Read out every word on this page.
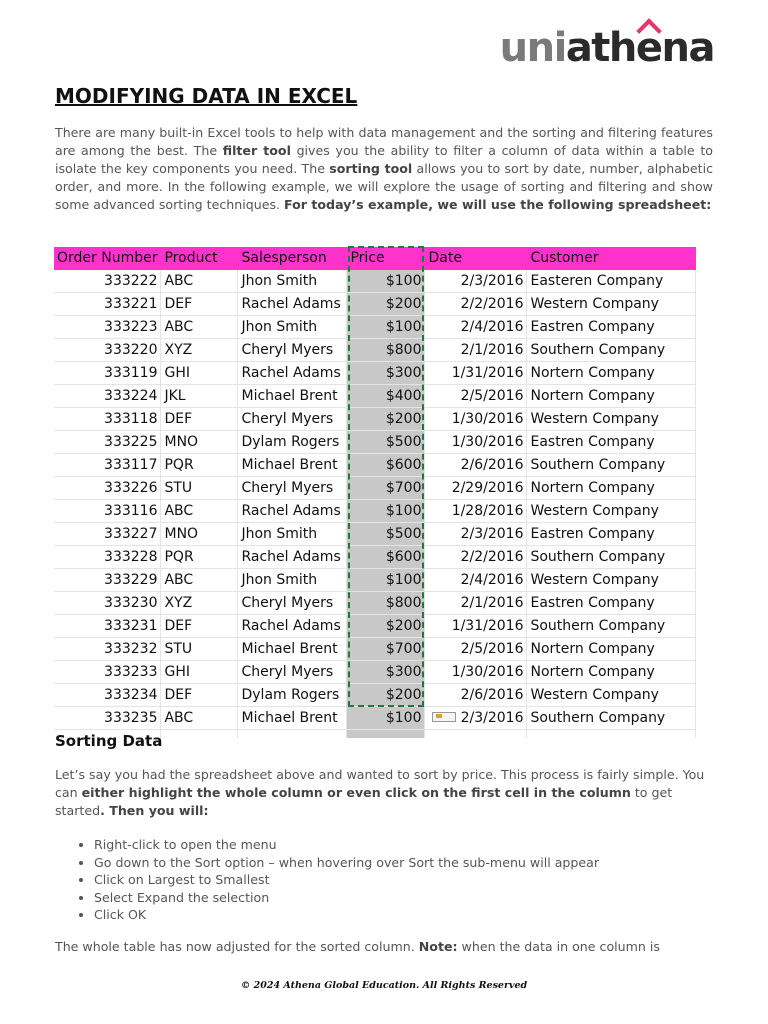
uniathena
MODIFYING DATA IN EXCEL

There are many built-in Excel tools to help with data management and the sorting and filtering features are among the best. The filter tool gives you the ability to filter a column of data within a table to isolate the key components you need. The sorting tool allows you to sort by date, number, alphabetic order, and more. In the following example, we will explore the usage of sorting and filtering and show some advanced sorting techniques. For today’s example, we will use the following spreadsheet:

Order Number	Product	Salesperson	Price	Date	Customer
333222	ABC	Jhon Smith	$100	2/3/2016	Easteren Company
333221	DEF	Rachel Adams	$200	2/2/2016	Western Company
333223	ABC	Jhon Smith	$100	2/4/2016	Eastren Company
333220	XYZ	Cheryl Myers	$800	2/1/2016	Southern Company
333119	GHI	Rachel Adams	$300	1/31/2016	Nortern Company
333224	JKL	Michael Brent	$400	2/5/2016	Nortern Company
333118	DEF	Cheryl Myers	$200	1/30/2016	Western Company
333225	MNO	Dylam Rogers	$500	1/30/2016	Eastren Company
333117	PQR	Michael Brent	$600	2/6/2016	Southern Company
333226	STU	Cheryl Myers	$700	2/29/2016	Nortern Company
333116	ABC	Rachel Adams	$100	1/28/2016	Western Company
333227	MNO	Jhon Smith	$500	2/3/2016	Eastren Company
333228	PQR	Rachel Adams	$600	2/2/2016	Southern Company
333229	ABC	Jhon Smith	$100	2/4/2016	Western Company
333230	XYZ	Cheryl Myers	$800	2/1/2016	Eastren Company
333231	DEF	Rachel Adams	$200	1/31/2016	Southern Company
333232	STU	Michael Brent	$700	2/5/2016	Nortern Company
333233	GHI	Cheryl Myers	$300	1/30/2016	Nortern Company
333234	DEF	Dylam Rogers	$200	2/6/2016	Western Company
333235	ABC	Michael Brent	$100	2/3/2016	Southern Company

Sorting Data

Let’s say you had the spreadsheet above and wanted to sort by price. This process is fairly simple. You can either highlight the whole column or even click on the first cell in the column to get started. Then you will:

• Right-click to open the menu
• Go down to the Sort option – when hovering over Sort the sub-menu will appear
• Click on Largest to Smallest
• Select Expand the selection
• Click OK

The whole table has now adjusted for the sorted column. Note: when the data in one column is

© 2024 Athena Global Education. All Rights Reserved
